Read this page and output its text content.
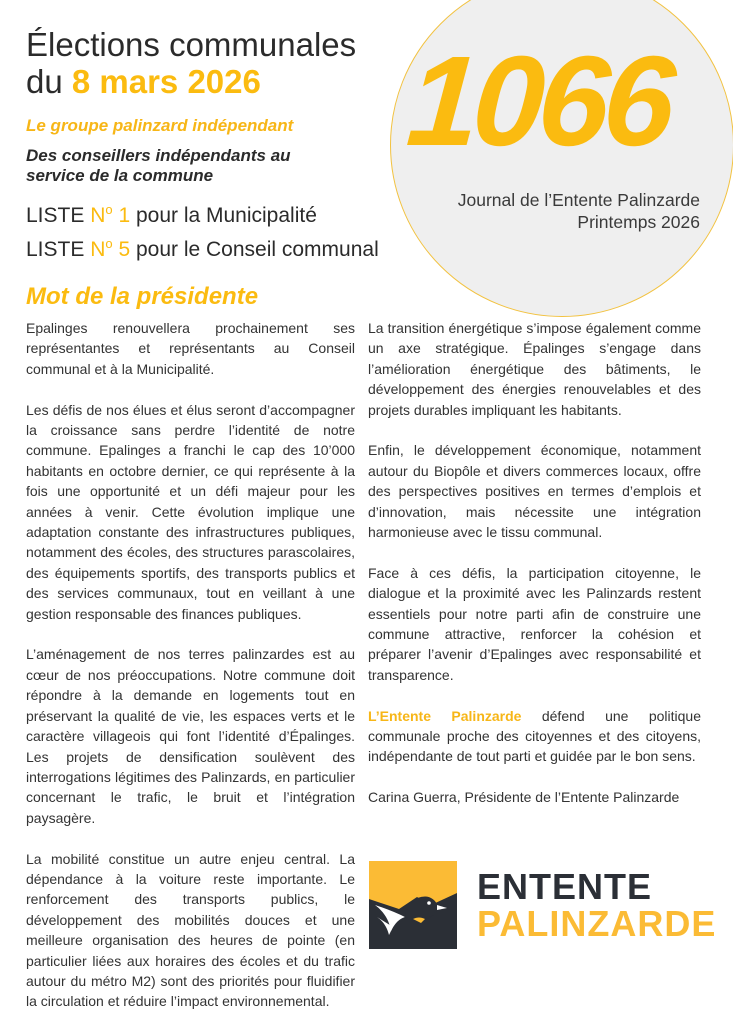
1066
Journal de l’Entente Palinzarde
Printemps 2026
Élections communales
du 8 mars 2026
Le groupe palinzard indépendant
Des conseillers indépendants au service de la commune
LISTE $N^o$ 1 pour la Municipalité
LISTE $N^o$ 5 pour le Conseil communal
Mot de la présidente

Epalinges renouvellera prochainement ses représentantes et représentants au Conseil communal et à la Municipalité.

Les défis de nos élues et élus seront d’accompagner la croissance sans perdre l’identité de notre commune. Epalinges a franchi le cap des 10’000 habitants en octobre dernier, ce qui représente à la fois une opportunité et un défi majeur pour les années à venir. Cette évolution implique une adaptation constante des infrastructures publiques, notamment des écoles, des structures parascolaires, des équipements sportifs, des transports publics et des services communaux, tout en veillant à une gestion responsable des finances publiques.

L’aménagement de nos terres palinzardes est au cœur de nos préoccupations. Notre commune doit répondre à la demande en logements tout en préservant la qualité de vie, les espaces verts et le caractère villageois qui font l’identité d’Épalinges. Les projets de densification soulèvent des interrogations légitimes des Palinzards, en particulier concernant le trafic, le bruit et l’intégration paysagère.

La mobilité constitue un autre enjeu central. La dépendance à la voiture reste importante. Le renforcement des transports publics, le développement des mobilités douces et une meilleure organisation des heures de pointe (en particulier liées aux horaires des écoles et du trafic autour du métro M2) sont des priorités pour fluidifier la circulation et réduire l’impact environnemental.

La transition énergétique s’impose également comme un axe stratégique. Épalinges s’engage dans l’amélioration énergétique des bâtiments, le développement des énergies renouvelables et des projets durables impliquant les habitants.

Enfin, le développement économique, notamment autour du Biopôle et divers commerces locaux, offre des perspectives positives en termes d’emplois et d’innovation, mais nécessite une intégration harmonieuse avec le tissu communal.

Face à ces défis, la participation citoyenne, le dialogue et la proximité avec les Palinzards restent essentiels pour notre parti afin de construire une commune attractive, renforcer la cohésion et préparer l’avenir d’Epalinges avec responsabilité et transparence.

L’Entente Palinzarde défend une politique communale proche des citoyennes et des citoyens, indépendante de tout parti et guidée par le bon sens.

Carina Guerra, Présidente de l’Entente Palinzarde

ENTENTE
PALINZARDE
